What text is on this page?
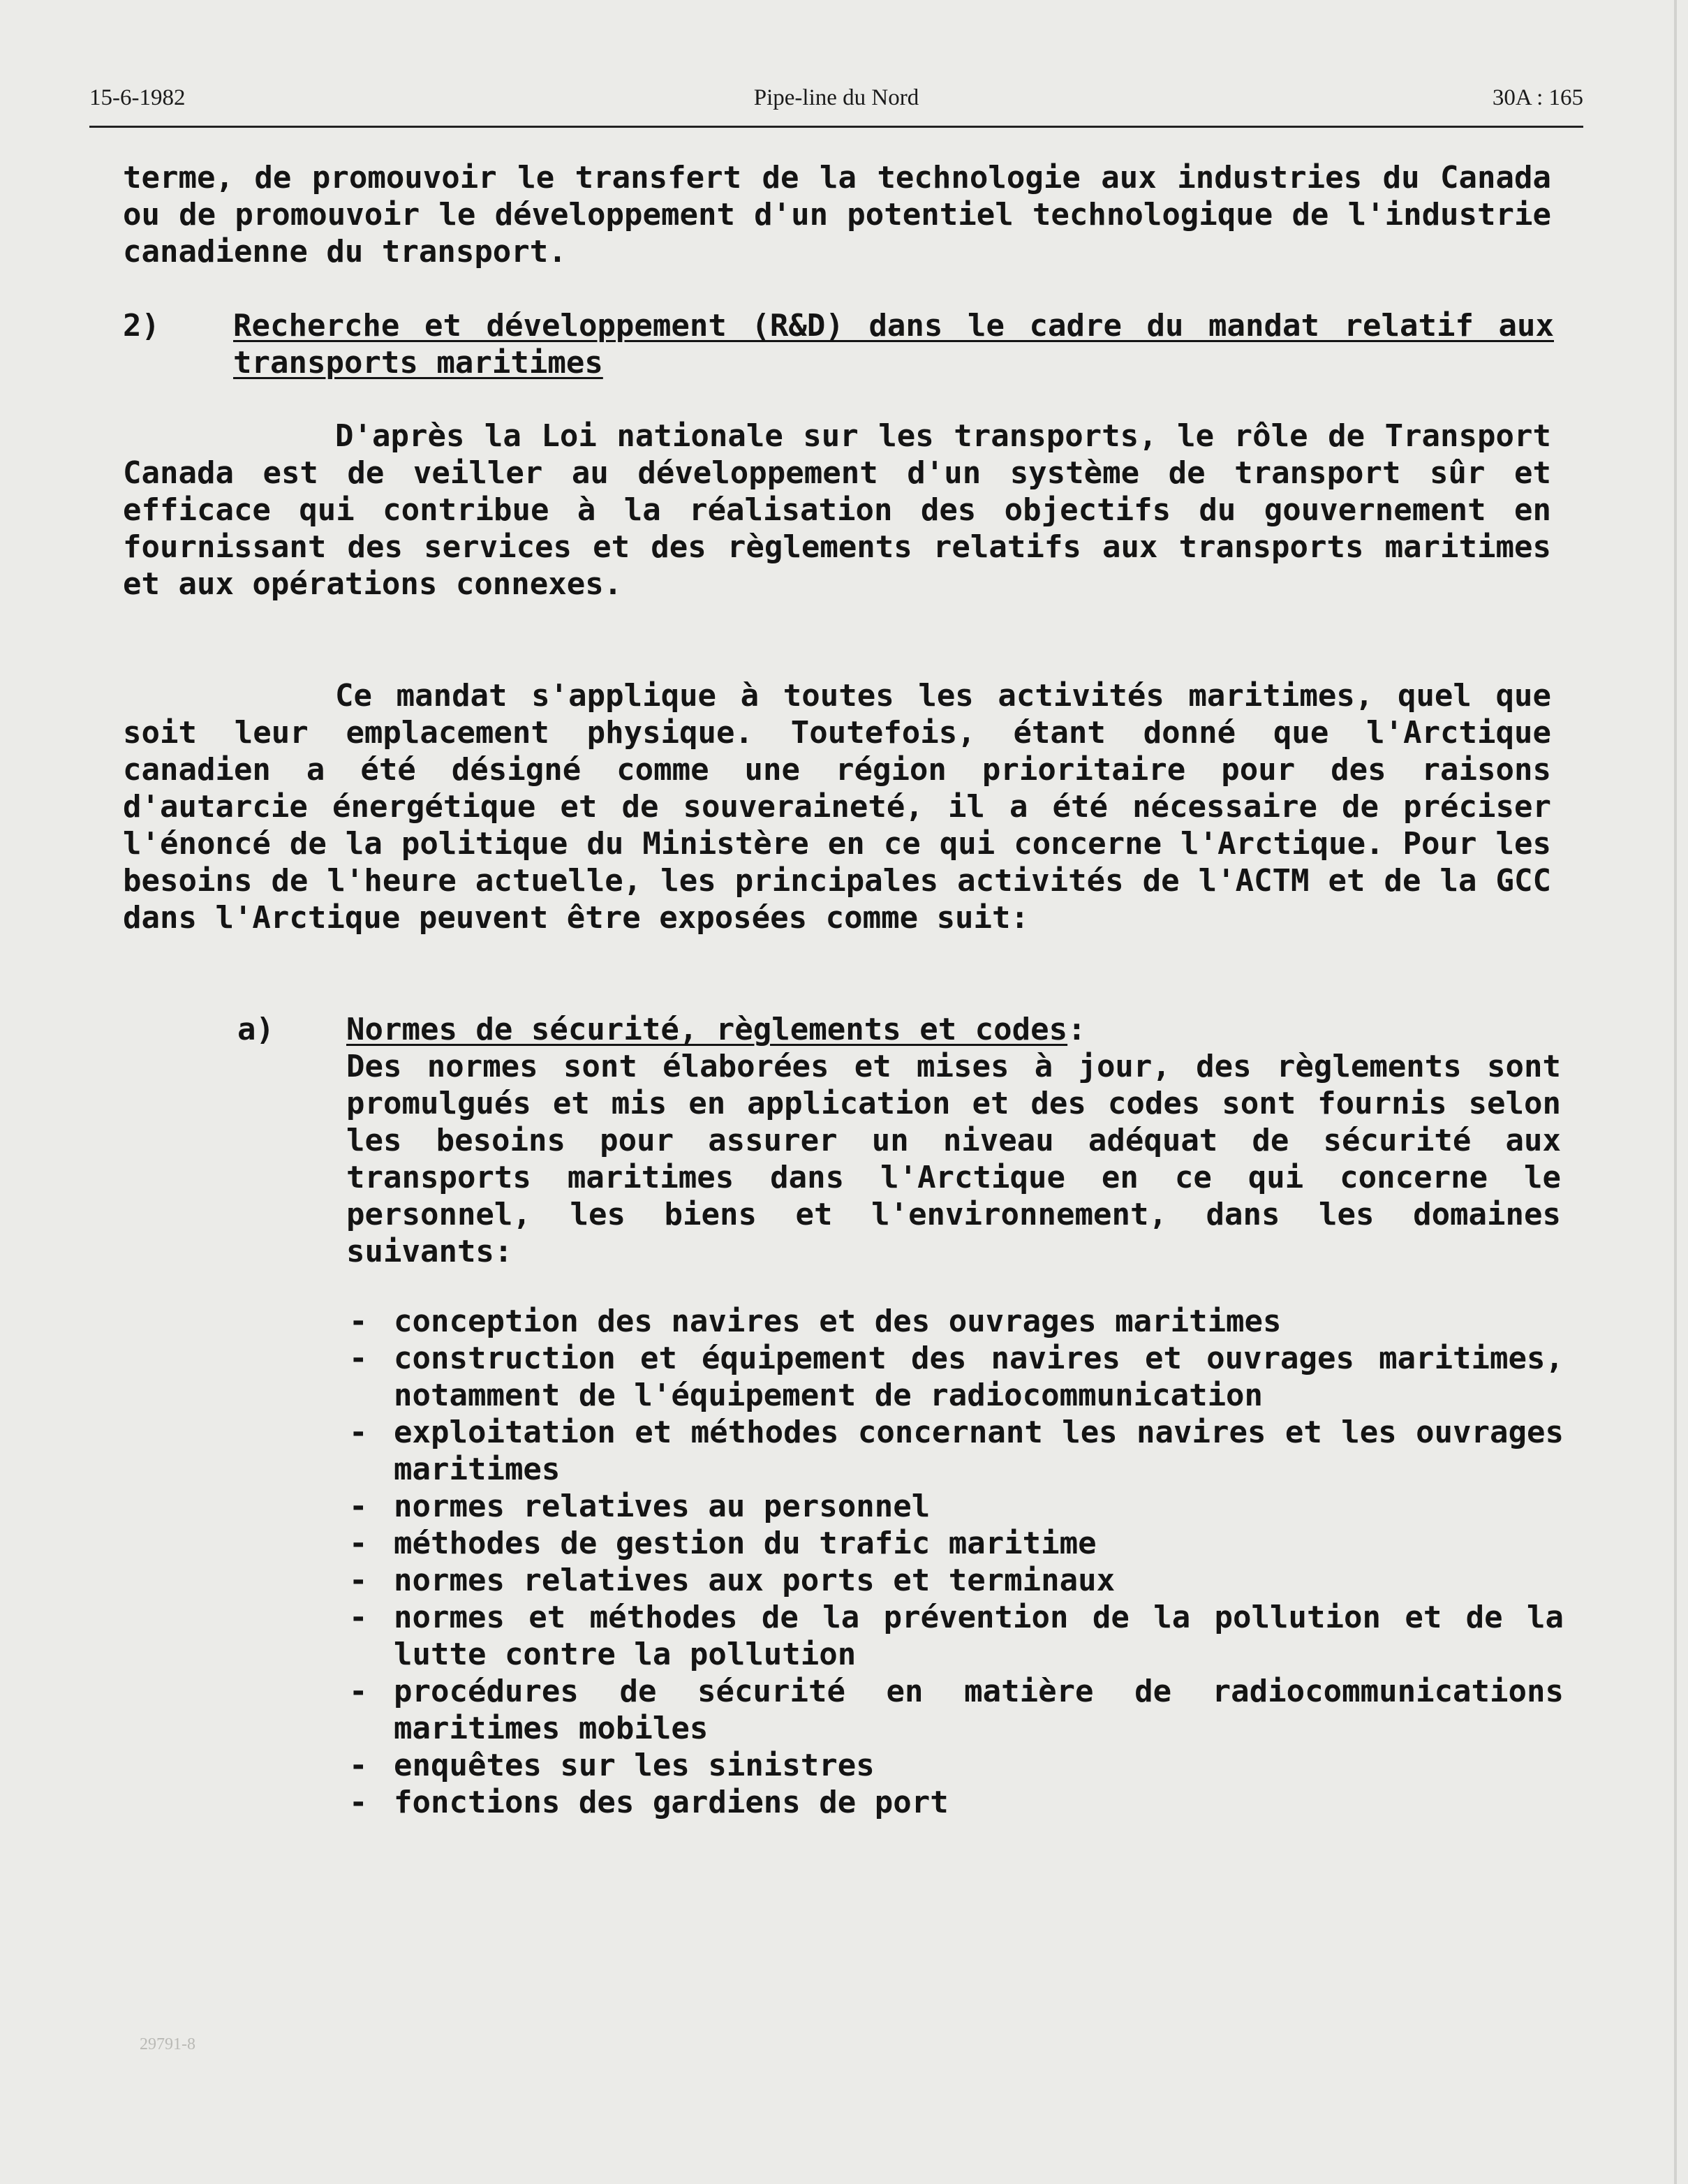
15-6-1982	Pipe-line du Nord	30A : 165
terme, de promouvoir le transfert de la technologie aux industries du Canada ou de promouvoir le développement d'un potentiel technologique de l'industrie canadienne du transport.
2) Recherche et développement (R&D) dans le cadre du mandat relatif aux transports maritimes
D'après la Loi nationale sur les transports, le rôle de Transport Canada est de veiller au développement d'un système de transport sûr et efficace qui contribue à la réalisation des objectifs du gouvernement en fournissant des services et des règlements relatifs aux transports maritimes et aux opérations connexes.
Ce mandat s'applique à toutes les activités maritimes, quel que soit leur emplacement physique. Toutefois, étant donné que l'Arctique canadien a été désigné comme une région prioritaire pour des raisons d'autarcie énergétique et de souveraineté, il a été nécessaire de préciser l'énoncé de la politique du Ministère en ce qui concerne l'Arctique. Pour les besoins de l'heure actuelle, les principales activités de l'ACTM et de la GCC dans l'Arctique peuvent être exposées comme suit:
a) Normes de sécurité, règlements et codes:
Des normes sont élaborées et mises à jour, des règlements sont promulgués et mis en application et des codes sont fournis selon les besoins pour assurer un niveau adéquat de sécurité aux transports maritimes dans l'Arctique en ce qui concerne le personnel, les biens et l'environnement, dans les domaines suivants:
- conception des navires et des ouvrages maritimes
- construction et équipement des navires et ouvrages maritimes, notamment de l'équipement de radiocommunication
- exploitation et méthodes concernant les navires et les ouvrages maritimes
- normes relatives au personnel
- méthodes de gestion du trafic maritime
- normes relatives aux ports et terminaux
- normes et méthodes de la prévention de la pollution et de la lutte contre la pollution
- procédures de sécurité en matière de radiocommunications maritimes mobiles
- enquêtes sur les sinistres
- fonctions des gardiens de port
29791-8
